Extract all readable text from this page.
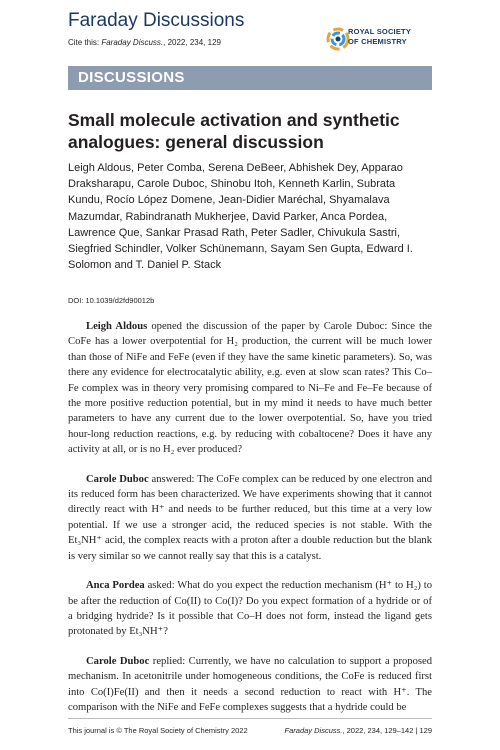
Faraday Discussions
Cite this: Faraday Discuss., 2022, 234, 129
ROYAL SOCIETY
OF CHEMISTRY
DISCUSSIONS
Small molecule activation and synthetic analogues: general discussion
Leigh Aldous, Peter Comba, Serena DeBeer, Abhishek Dey, Apparao Draksharapu, Carole Duboc, Shinobu Itoh, Kenneth Karlin, Subrata Kundu, Rocío López Domene, Jean-Didier Maréchal, Shyamalava Mazumdar, Rabindranath Mukherjee, David Parker, Anca Pordea, Lawrence Que, Sankar Prasad Rath, Peter Sadler, Chivukula Sastri, Siegfried Schindler, Volker Schünemann, Sayam Sen Gupta, Edward I. Solomon and T. Daniel P. Stack
DOI: 10.1039/d2fd90012b

Leigh Aldous opened the discussion of the paper by Carole Duboc: Since the CoFe has a lower overpotential for H₂ production, the current will be much lower than those of NiFe and FeFe (even if they have the same kinetic parameters). So, was there any evidence for electrocatalytic ability, e.g. even at slow scan rates? This Co–Fe complex was in theory very promising compared to Ni–Fe and Fe–Fe because of the more positive reduction potential, but in my mind it needs to have much better parameters to have any current due to the lower overpotential. So, have you tried hour-long reduction reactions, e.g. by reducing with cobaltocene? Does it have any activity at all, or is no H₂ ever produced?

Carole Duboc answered: The CoFe complex can be reduced by one electron and its reduced form has been characterized. We have experiments showing that it cannot directly react with H⁺ and needs to be further reduced, but this time at a very low potential. If we use a stronger acid, the reduced species is not stable. With the Et₃NH⁺ acid, the complex reacts with a proton after a double reduction but the blank is very similar so we cannot really say that this is a catalyst.

Anca Pordea asked: What do you expect the reduction mechanism (H⁺ to H₂) to be after the reduction of Co(II) to Co(I)? Do you expect formation of a hydride or of a bridging hydride? Is it possible that Co–H does not form, instead the ligand gets protonated by Et₃NH⁺?

Carole Duboc replied: Currently, we have no calculation to support a proposed mechanism. In acetonitrile under homogeneous conditions, the CoFe is reduced first into Co(I)Fe(II) and then it needs a second reduction to react with H⁺. The comparison with the NiFe and FeFe complexes suggests that a hydride could be

This journal is © The Royal Society of Chemistry 2022	Faraday Discuss., 2022, 234, 129–142 | 129
